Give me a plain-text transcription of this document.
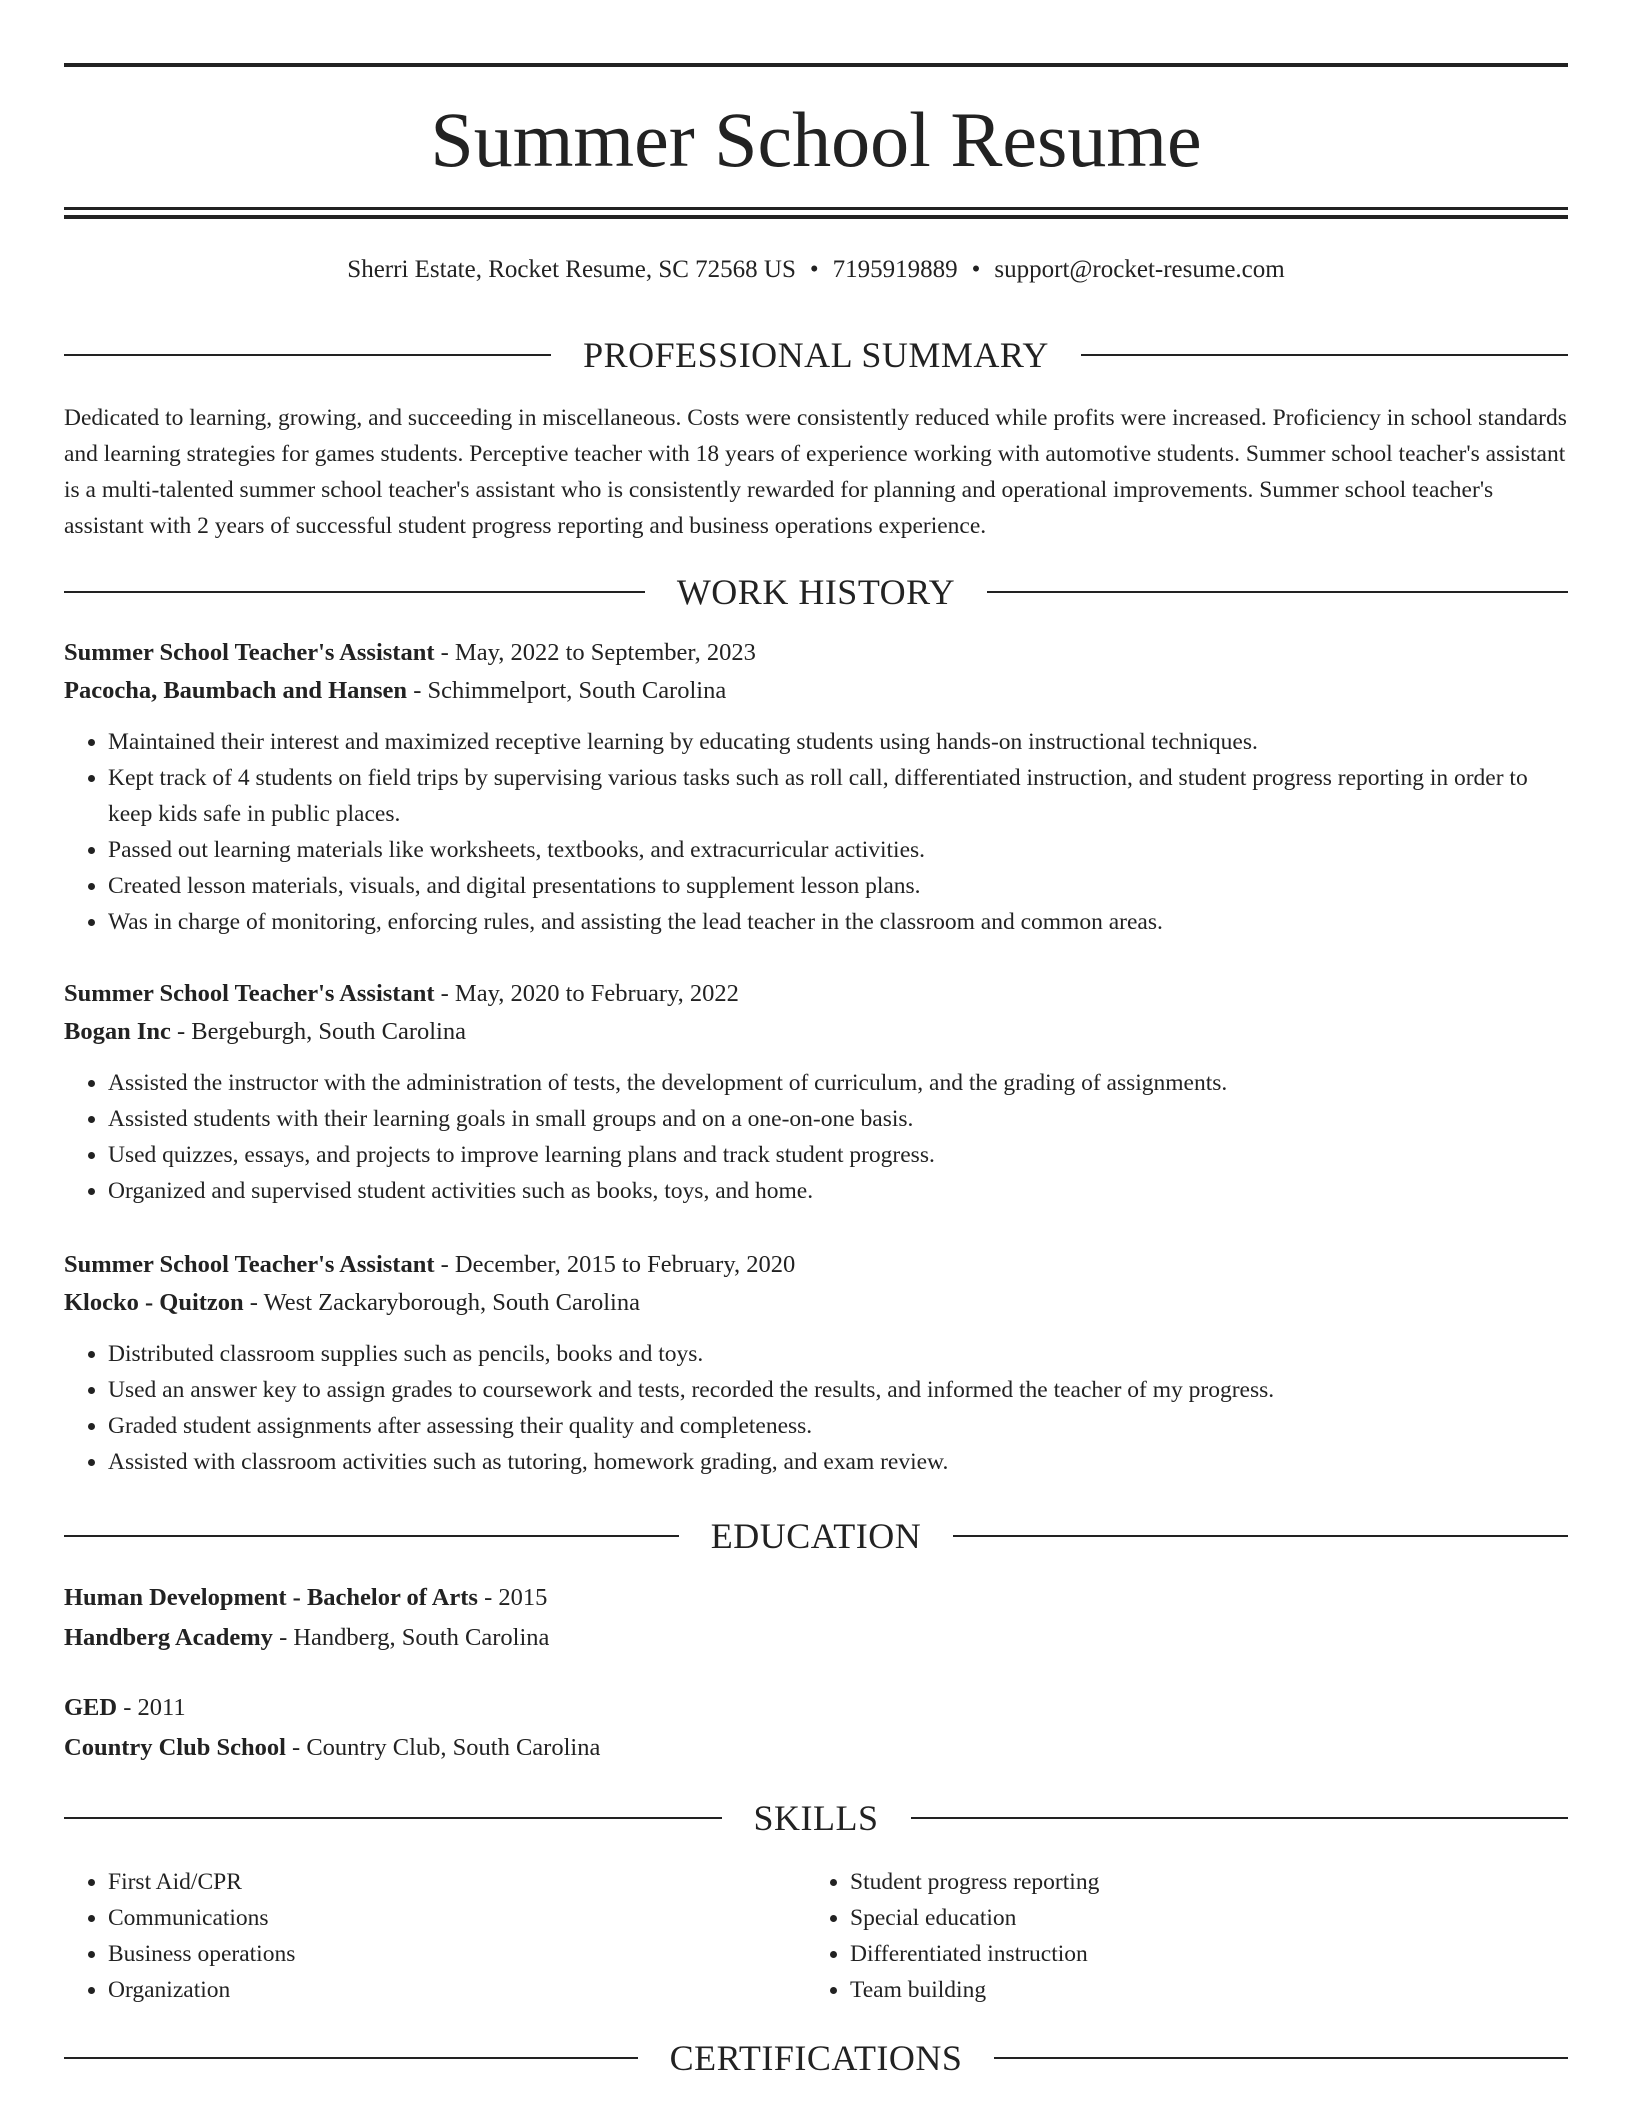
Summer School Resume
Sherri Estate, Rocket Resume, SC 72568 US • 7195919889 • support@rocket-resume.com
PROFESSIONAL SUMMARY
Dedicated to learning, growing, and succeeding in miscellaneous. Costs were consistently reduced while profits were increased. Proficiency in school standards and learning strategies for games students. Perceptive teacher with 18 years of experience working with automotive students. Summer school teacher's assistant is a multi-talented summer school teacher's assistant who is consistently rewarded for planning and operational improvements. Summer school teacher's assistant with 2 years of successful student progress reporting and business operations experience.
WORK HISTORY
Summer School Teacher's Assistant - May, 2022 to September, 2023
Pacocha, Baumbach and Hansen - Schimmelport, South Carolina
• Maintained their interest and maximized receptive learning by educating students using hands-on instructional techniques.
• Kept track of 4 students on field trips by supervising various tasks such as roll call, differentiated instruction, and student progress reporting in order to keep kids safe in public places.
• Passed out learning materials like worksheets, textbooks, and extracurricular activities.
• Created lesson materials, visuals, and digital presentations to supplement lesson plans.
• Was in charge of monitoring, enforcing rules, and assisting the lead teacher in the classroom and common areas.
Summer School Teacher's Assistant - May, 2020 to February, 2022
Bogan Inc - Bergeburgh, South Carolina
• Assisted the instructor with the administration of tests, the development of curriculum, and the grading of assignments.
• Assisted students with their learning goals in small groups and on a one-on-one basis.
• Used quizzes, essays, and projects to improve learning plans and track student progress.
• Organized and supervised student activities such as books, toys, and home.
Summer School Teacher's Assistant - December, 2015 to February, 2020
Klocko - Quitzon - West Zackaryborough, South Carolina
• Distributed classroom supplies such as pencils, books and toys.
• Used an answer key to assign grades to coursework and tests, recorded the results, and informed the teacher of my progress.
• Graded student assignments after assessing their quality and completeness.
• Assisted with classroom activities such as tutoring, homework grading, and exam review.
EDUCATION
Human Development - Bachelor of Arts - 2015
Handberg Academy - Handberg, South Carolina
GED - 2011
Country Club School - Country Club, South Carolina
SKILLS
• First Aid/CPR
• Communications
• Business operations
• Organization
• Student progress reporting
• Special education
• Differentiated instruction
• Team building
CERTIFICATIONS
